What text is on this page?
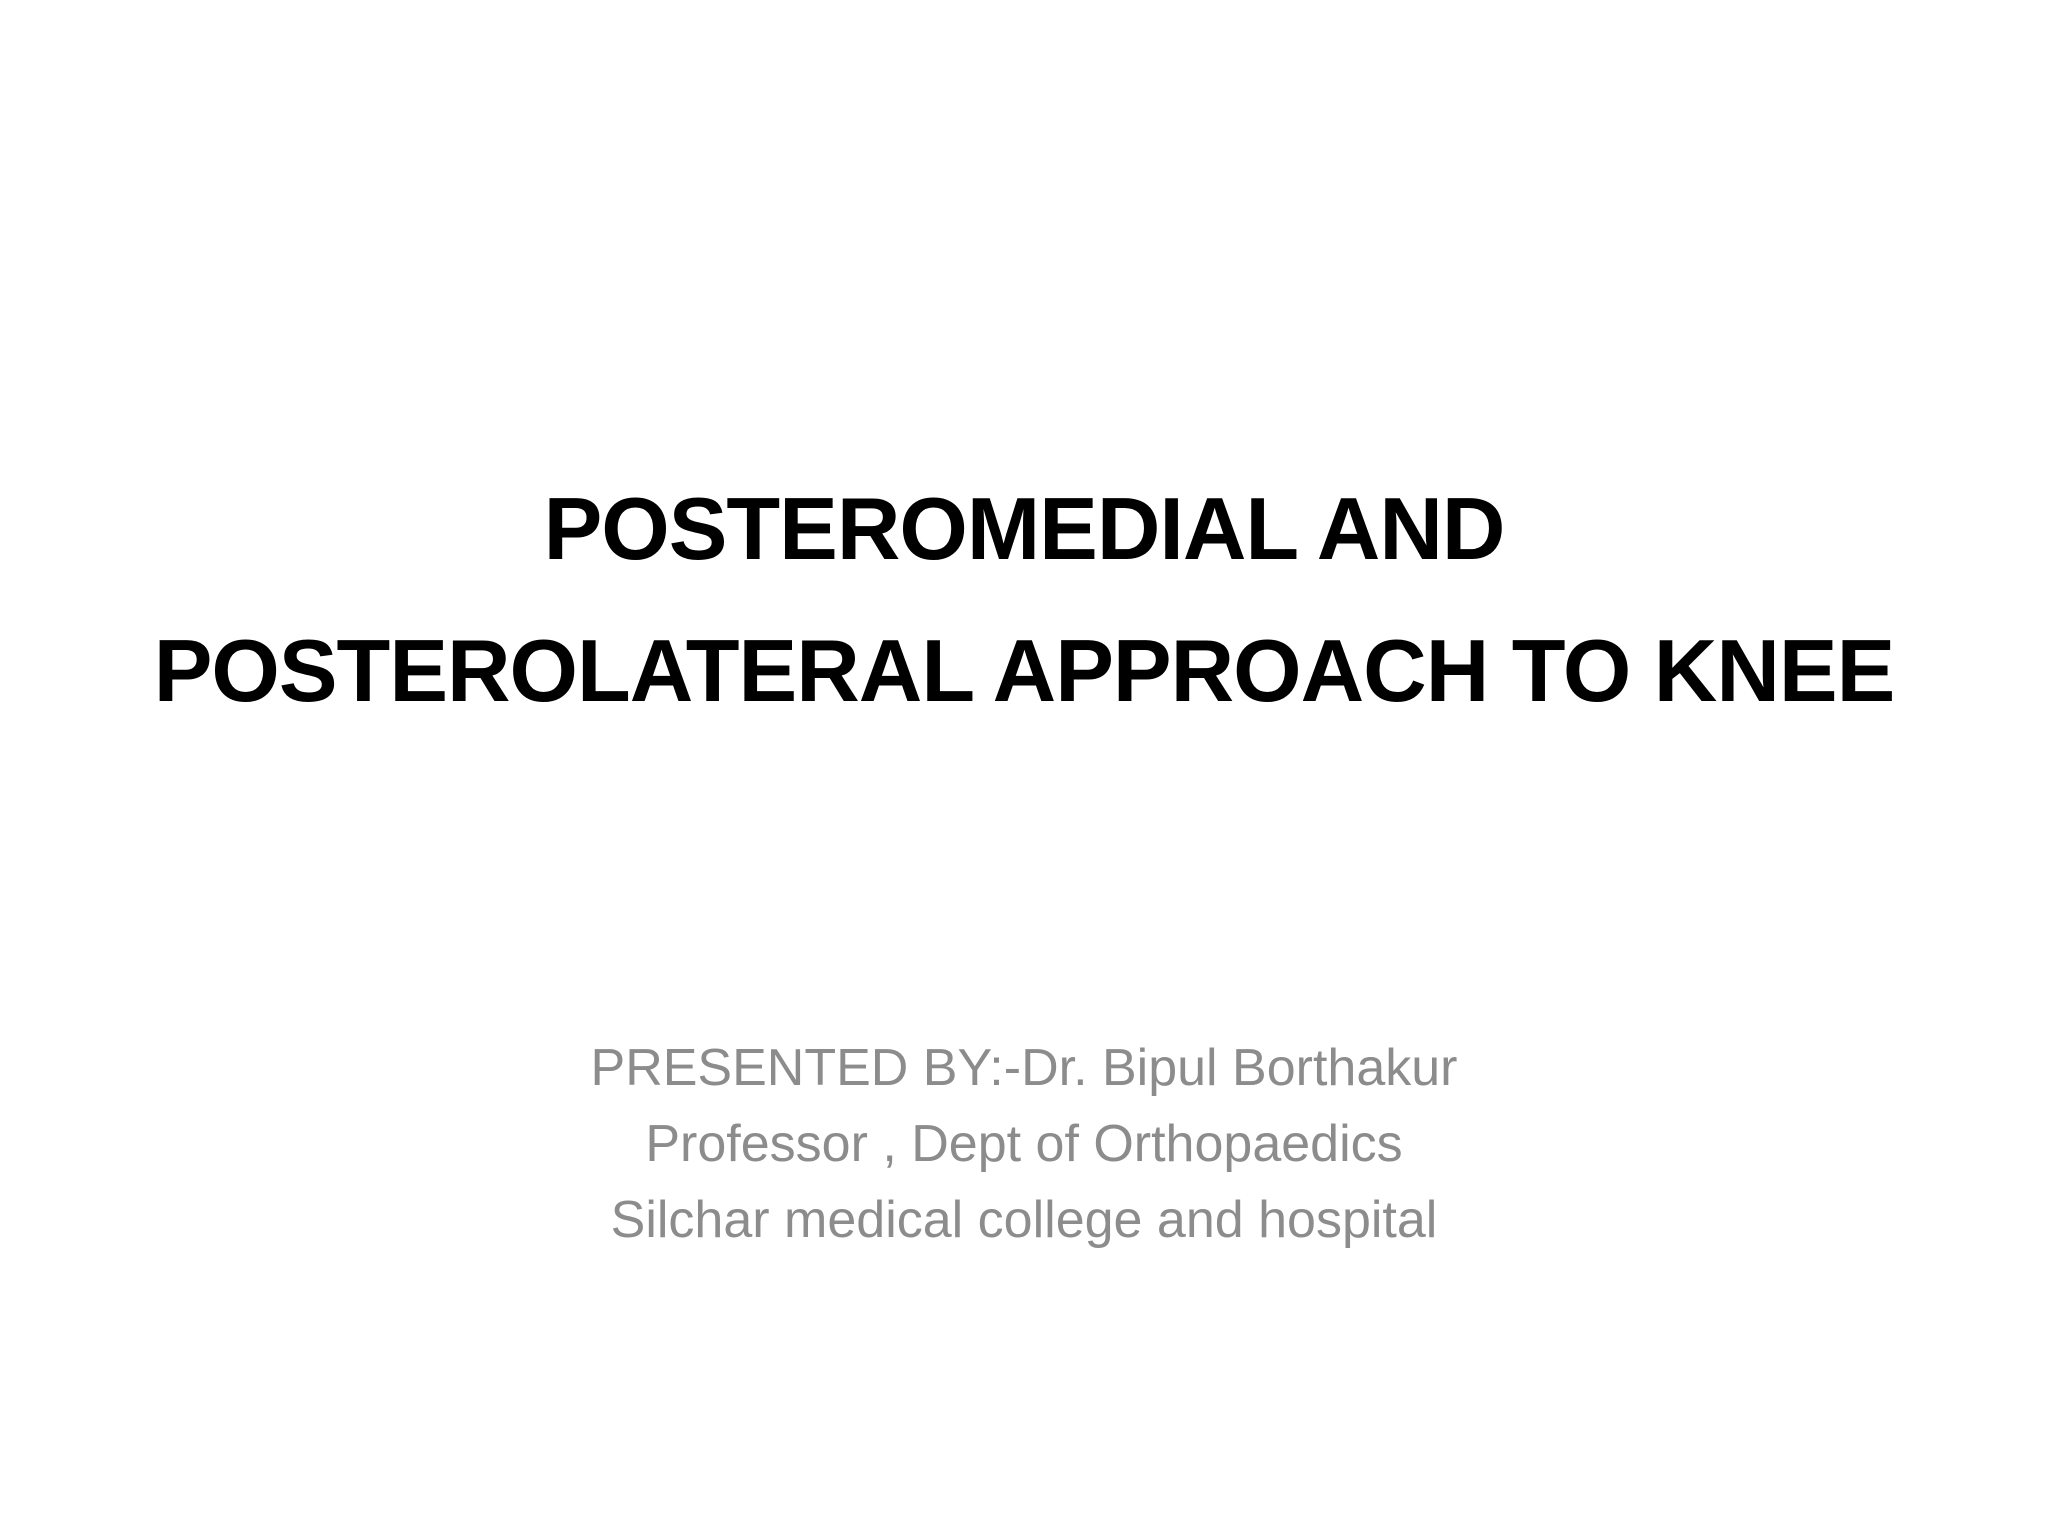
POSTEROMEDIAL AND
POSTEROLATERAL APPROACH TO KNEE
PRESENTED BY:-Dr. Bipul Borthakur
Professor , Dept of Orthopaedics
Silchar medical college and hospital
